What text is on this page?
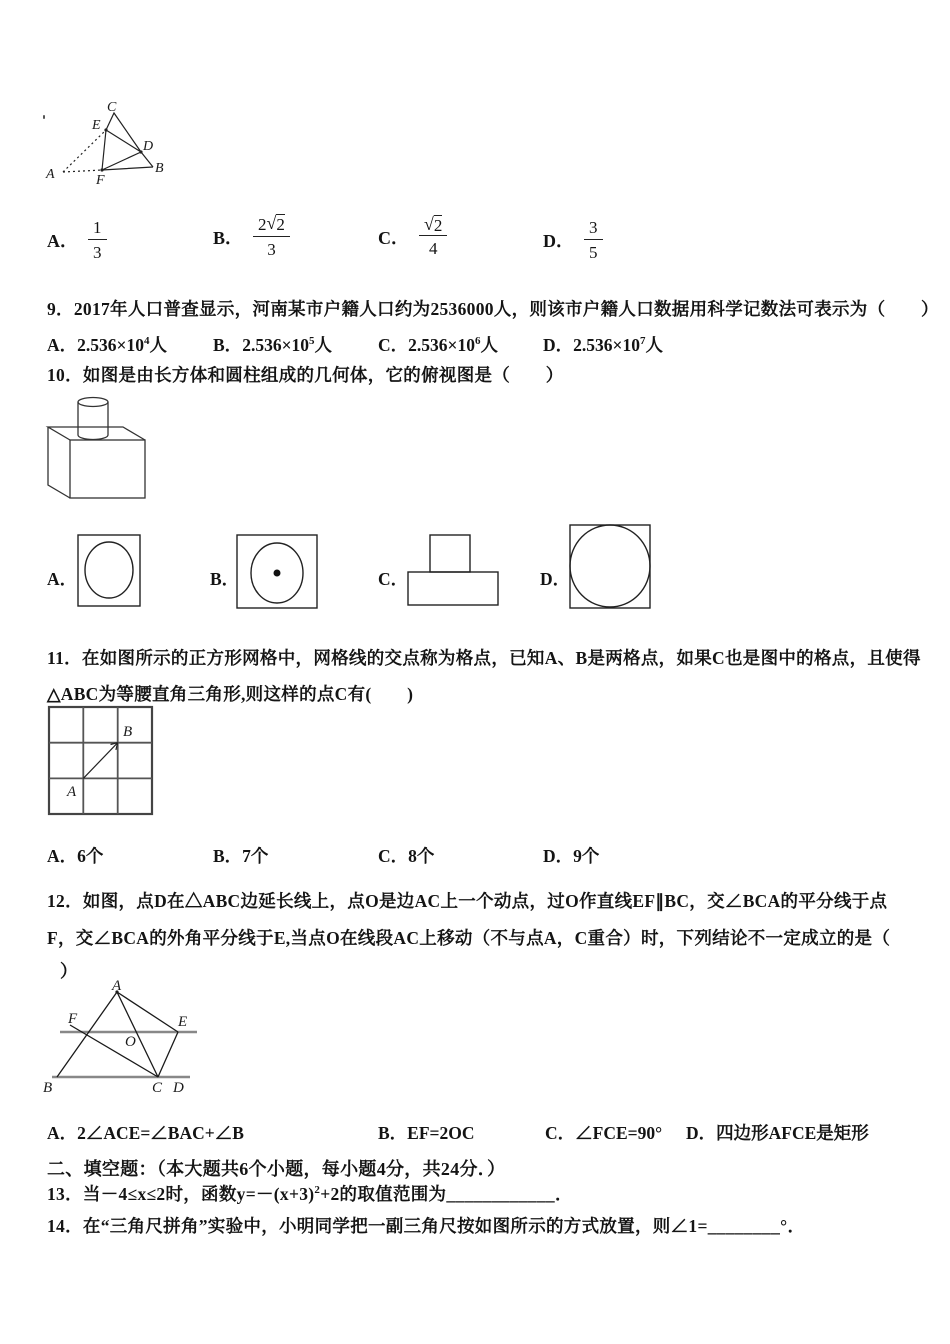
A	B
C
D
E
F
A． $\frac{1}{3}$	B． $\frac{2 √ 2}{3}$	C． $\frac{√ 2}{4}$	D． $\frac{3}{5}$
9．2017年人口普查显示，河南某市户籍人口约为2536000人，则该市户籍人口数据用科学记数法可表示为（　　）
A．$2.536\times 10^4$人	B．$2.536\times 10^5$人	C．$2.536\times 10^6$人	D．$2.536\times 10^7$人
10．如图是由长方体和圆柱组成的几何体，它的俯视图是（　　）
A．	B．	C．	D．
11．在如图所示的正方形网格中，网格线的交点称为格点，已知A、B是两格点，如果C也是图中的格点，且使得
△ABC为等腰直角三角形,则这样的点C有(　　)
A
B
A．6个	B．7个	C．8个	D．9个
12．如图，点D在△ABC边延长线上，点O是边AC上一个动点，过O作直线EF∥BC，交∠BCA的平分线于点
F，交∠BCA的外角平分线于E,当点O在线段AC上移动（不与点A，C重合）时，下列结论不一定成立的是（
）
A
B	C D
E
F
O
A．2∠ACE=∠BAC+∠B	B．EF=2OC	C．∠FCE=90° D．四边形AFCE是矩形
二、填空题：（本大题共6个小题，每小题4分，共24分．）
13．当－4≤x≤2时，函数$y=-(x+3)^2+2$的取值范围为____________．
14．在“三角尺拼角”实验中，小明同学把一副三角尺按如图所示的方式放置，则∠1=________°．
